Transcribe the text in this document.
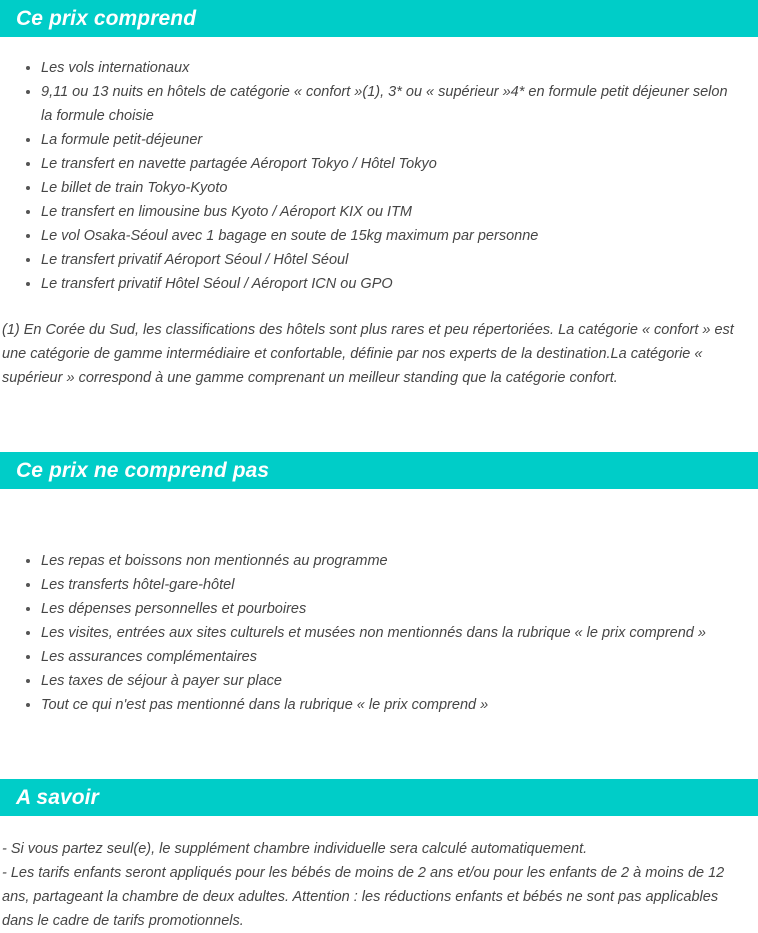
Ce prix comprend
Les vols internationaux
9,11 ou 13 nuits en hôtels de catégorie « confort »(1), 3* ou « supérieur »4* en formule petit déjeuner selon la formule choisie
La formule petit-déjeuner
Le transfert en navette partagée Aéroport Tokyo / Hôtel Tokyo
Le billet de train Tokyo-Kyoto
Le transfert en limousine bus Kyoto / Aéroport KIX ou ITM
Le vol Osaka-Séoul avec 1 bagage en soute de 15kg maximum par personne
Le transfert privatif Aéroport Séoul / Hôtel Séoul
Le transfert privatif Hôtel Séoul / Aéroport ICN ou GPO

(1) En Corée du Sud, les classifications des hôtels sont plus rares et peu répertoriées. La catégorie « confort » est une catégorie de gamme intermédiaire et confortable, définie par nos experts de la destination.La catégorie « supérieur » correspond à une gamme comprenant un meilleur standing que la catégorie confort.

Ce prix ne comprend pas
Les repas et boissons non mentionnés au programme
Les transferts hôtel-gare-hôtel
Les dépenses personnelles et pourboires
Les visites, entrées aux sites culturels et musées non mentionnés dans la rubrique « le prix comprend »
Les assurances complémentaires
Les taxes de séjour à payer sur place
Tout ce qui n'est pas mentionné dans la rubrique « le prix comprend »
A savoir

- Si vous partez seul(e), le supplément chambre individuelle sera calculé automatiquement.

- Les tarifs enfants seront appliqués pour les bébés de moins de 2 ans et/ou pour les enfants de 2 à moins de 12 ans, partageant la chambre de deux adultes. Attention : les réductions enfants et bébés ne sont pas applicables dans le cadre de tarifs promotionnels.
